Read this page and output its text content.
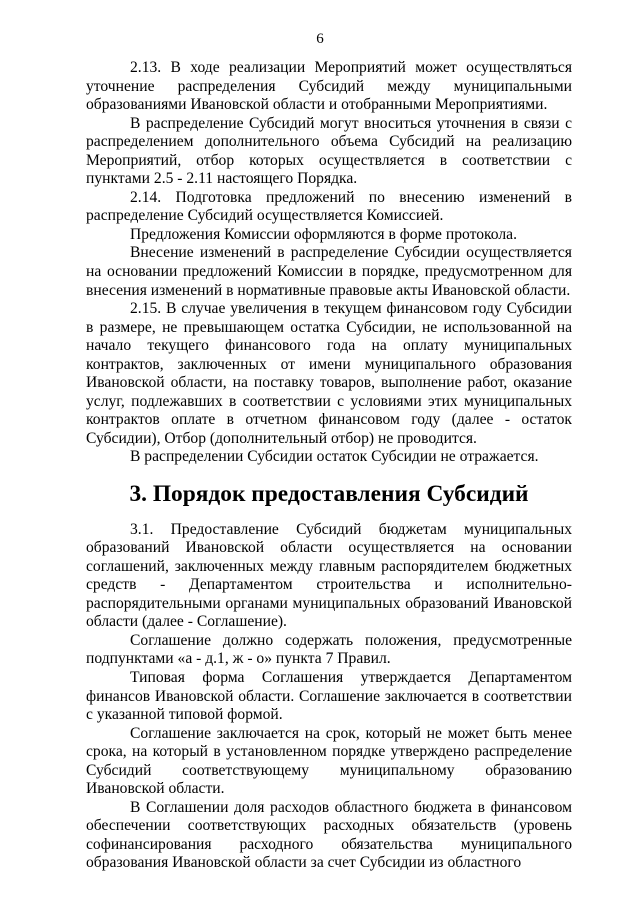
6

2.13. В ходе реализации Мероприятий может осуществляться уточнение распределения Субсидий между муниципальными образованиями Ивановской области и отобранными Мероприятиями.

В распределение Субсидий могут вноситься уточнения в связи с распределением дополнительного объема Субсидий на реализацию Мероприятий, отбор которых осуществляется в соответствии с пунктами 2.5 - 2.11 настоящего Порядка.

2.14. Подготовка предложений по внесению изменений в распределение Субсидий осуществляется Комиссией.

Предложения Комиссии оформляются в форме протокола.

Внесение изменений в распределение Субсидии осуществляется на основании предложений Комиссии в порядке, предусмотренном для внесения изменений в нормативные правовые акты Ивановской области.

2.15. В случае увеличения в текущем финансовом году Субсидии в размере, не превышающем остатка Субсидии, не использованной на начало текущего финансового года на оплату муниципальных контрактов, заключенных от имени муниципального образования Ивановской области, на поставку товаров, выполнение работ, оказание услуг, подлежавших в соответствии с условиями этих муниципальных контрактов оплате в отчетном финансовом году (далее - остаток Субсидии), Отбор (дополнительный отбор) не проводится.

В распределении Субсидии остаток Субсидии не отражается.

3. Порядок предоставления Субсидий

3.1. Предоставление Субсидий бюджетам муниципальных образований Ивановской области осуществляется на основании соглашений, заключенных между главным распорядителем бюджетных средств - Департаментом строительства и исполнительно-распорядительными органами муниципальных образований Ивановской области (далее - Соглашение).

Соглашение должно содержать положения, предусмотренные подпунктами «а - д.1, ж - о» пункта 7 Правил.

Типовая форма Соглашения утверждается Департаментом финансов Ивановской области. Соглашение заключается в соответствии с указанной типовой формой.

Соглашение заключается на срок, который не может быть менее срока, на который в установленном порядке утверждено распределение Субсидий соответствующему муниципальному образованию Ивановской области.

В Соглашении доля расходов областного бюджета в финансовом обеспечении соответствующих расходных обязательств (уровень софинансирования расходного обязательства муниципального образования Ивановской области за счет Субсидии из областного
